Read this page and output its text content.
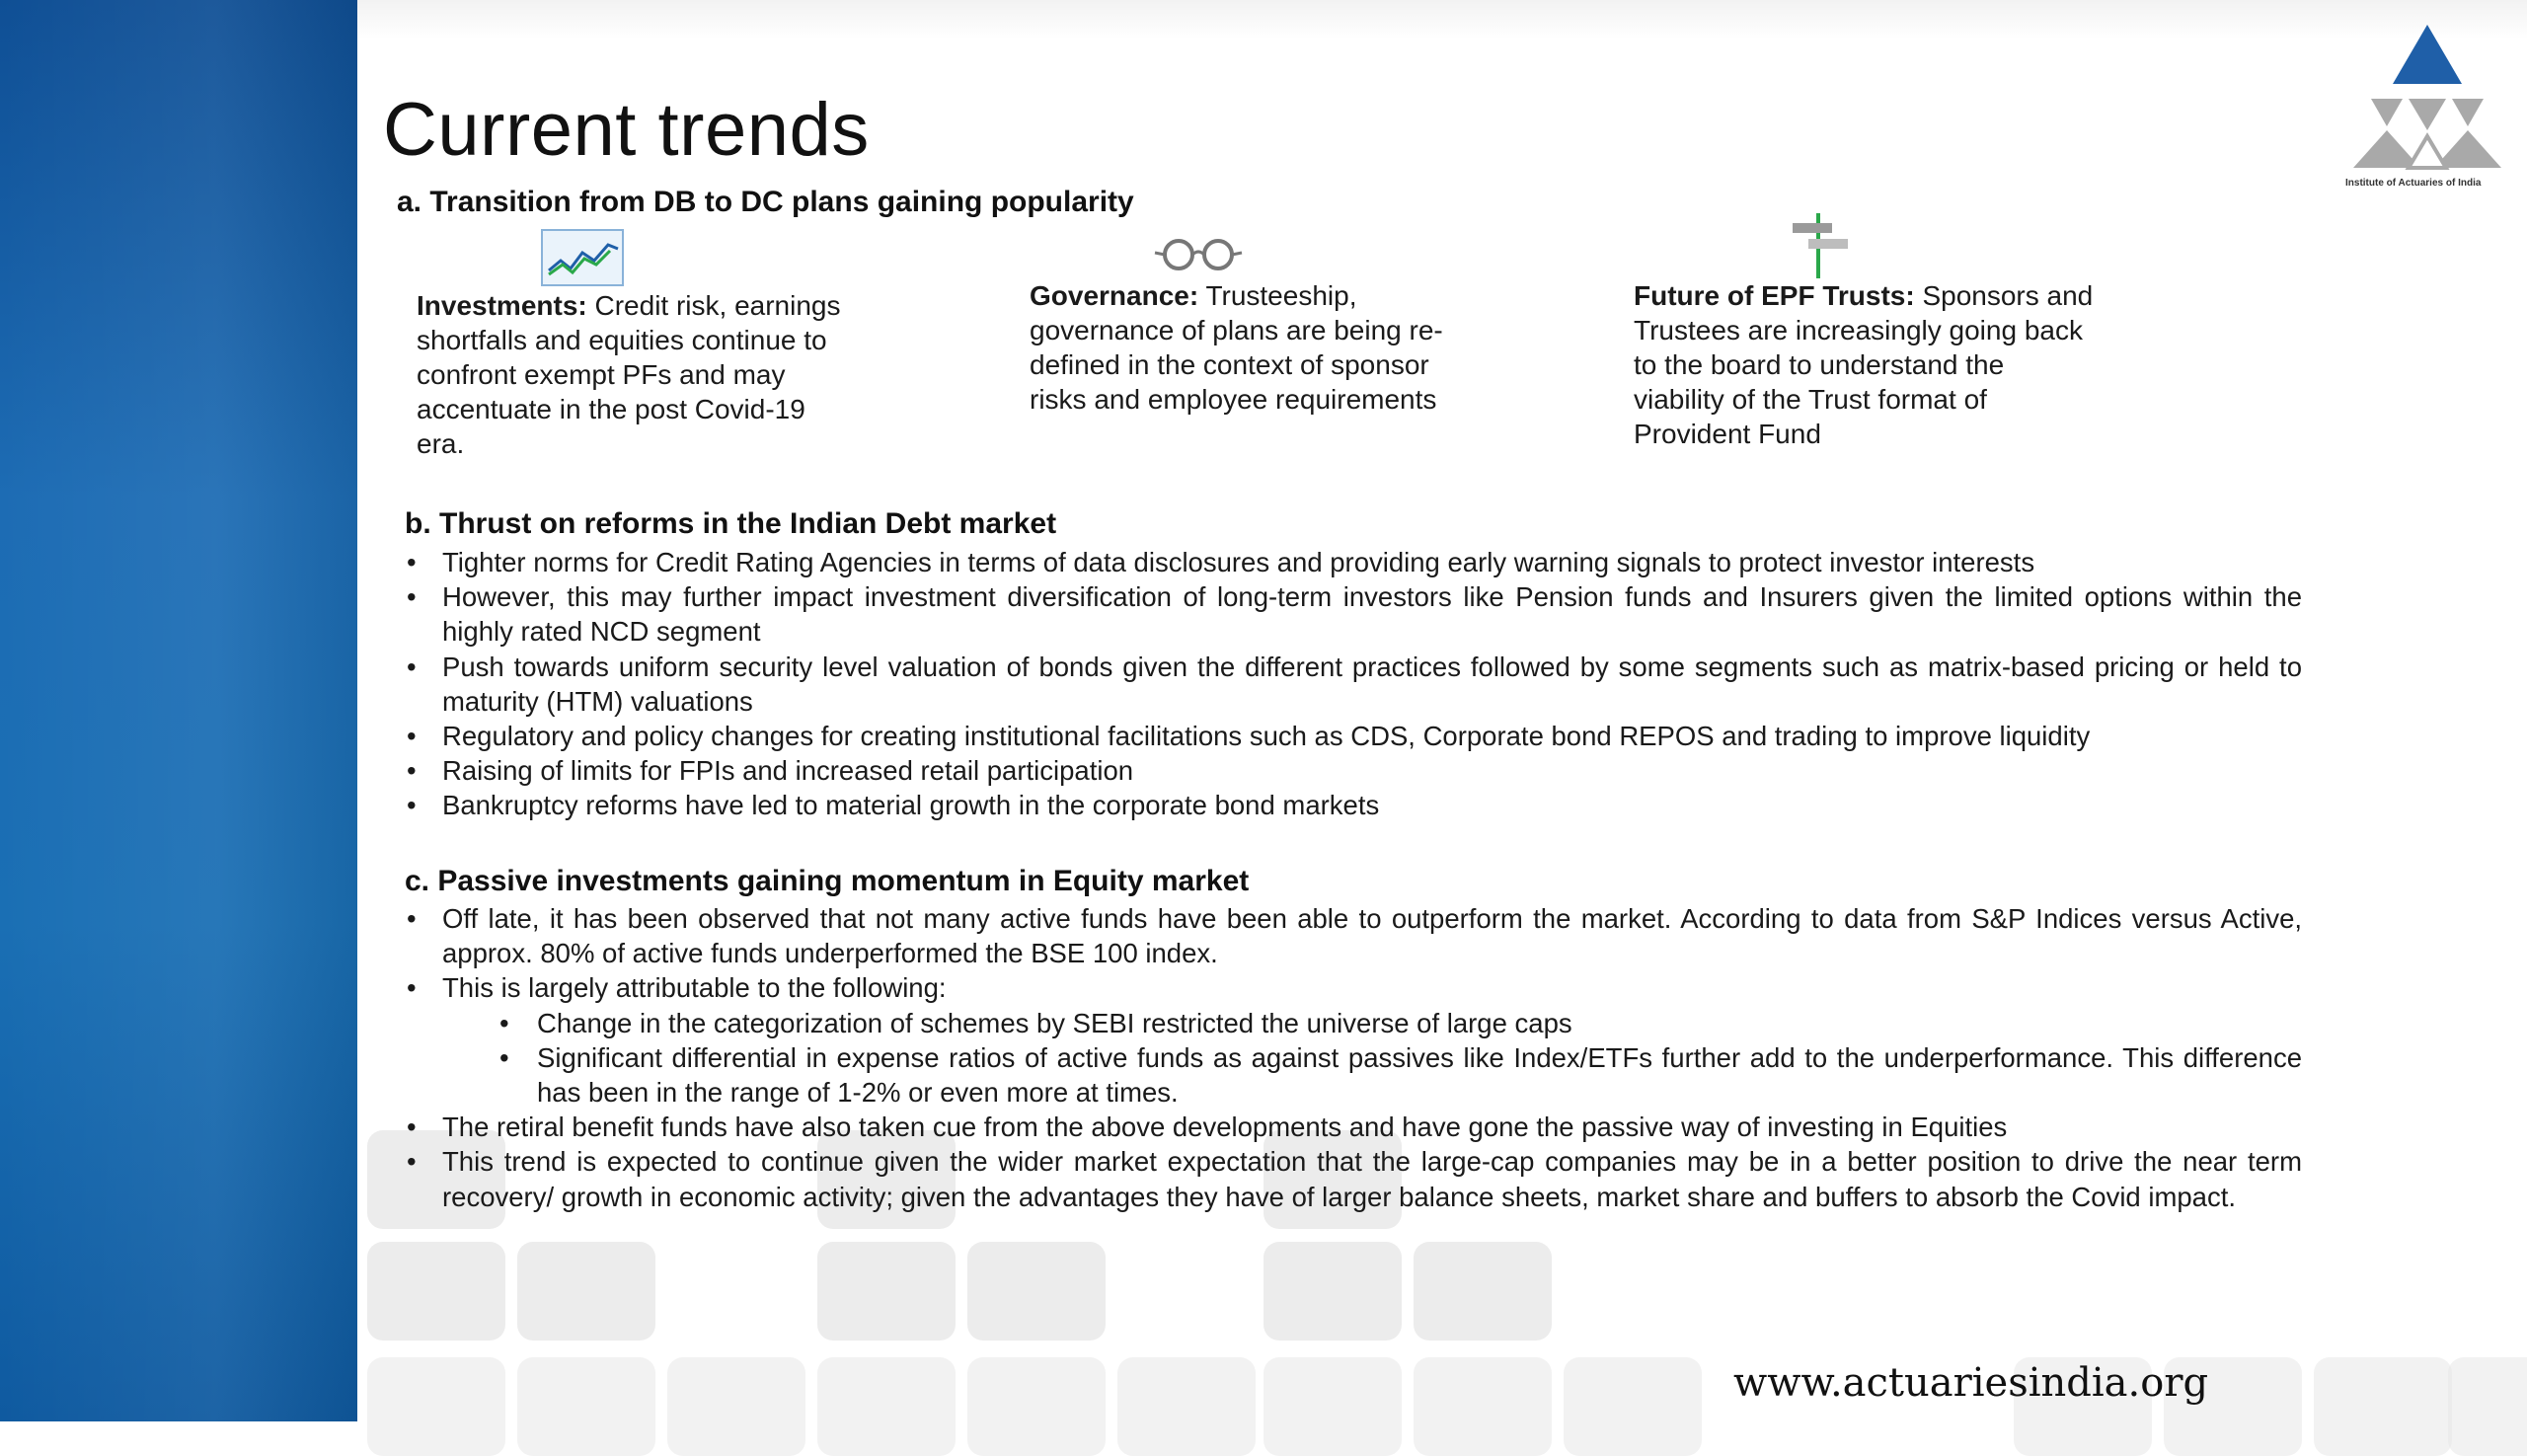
Current trends
a. Transition from DB to DC plans gaining popularity
Investments: Credit risk, earnings shortfalls and equities continue to confront exempt PFs and may accentuate in the post Covid-19 era.
Governance: Trusteeship, governance of plans are being re-defined in the context of sponsor risks and employee requirements
Future of EPF Trusts: Sponsors and Trustees are increasingly going back to the board to understand the viability of the Trust format of Provident Fund
b. Thrust on reforms in the Indian Debt market
• Tighter norms for Credit Rating Agencies in terms of data disclosures and providing early warning signals to protect investor interests
• However, this may further impact investment diversification of long-term investors like Pension funds and Insurers given the limited options within the highly rated NCD segment
• Push towards uniform security level valuation of bonds given the different practices followed by some segments such as matrix-based pricing or held to maturity (HTM) valuations
• Regulatory and policy changes for creating institutional facilitations such as CDS, Corporate bond REPOS and trading to improve liquidity
• Raising of limits for FPIs and increased retail participation
• Bankruptcy reforms have led to material growth in the corporate bond markets
c. Passive investments gaining momentum in Equity market
• Off late, it has been observed that not many active funds have been able to outperform the market. According to data from S&P Indices versus Active, approx. 80% of active funds underperformed the BSE 100 index.
• This is largely attributable to the following:
• Change in the categorization of schemes by SEBI restricted the universe of large caps
• Significant differential in expense ratios of active funds as against passives like Index/ETFs further add to the underperformance. This difference has been in the range of 1-2% or even more at times.
• The retiral benefit funds have also taken cue from the above developments and have gone the passive way of investing in Equities
• This trend is expected to continue given the wider market expectation that the large-cap companies may be in a better position to drive the near term recovery/ growth in economic activity; given the advantages they have of larger balance sheets, market share and buffers to absorb the Covid impact.
Institute of Actuaries of India
www.actuariesindia.org
